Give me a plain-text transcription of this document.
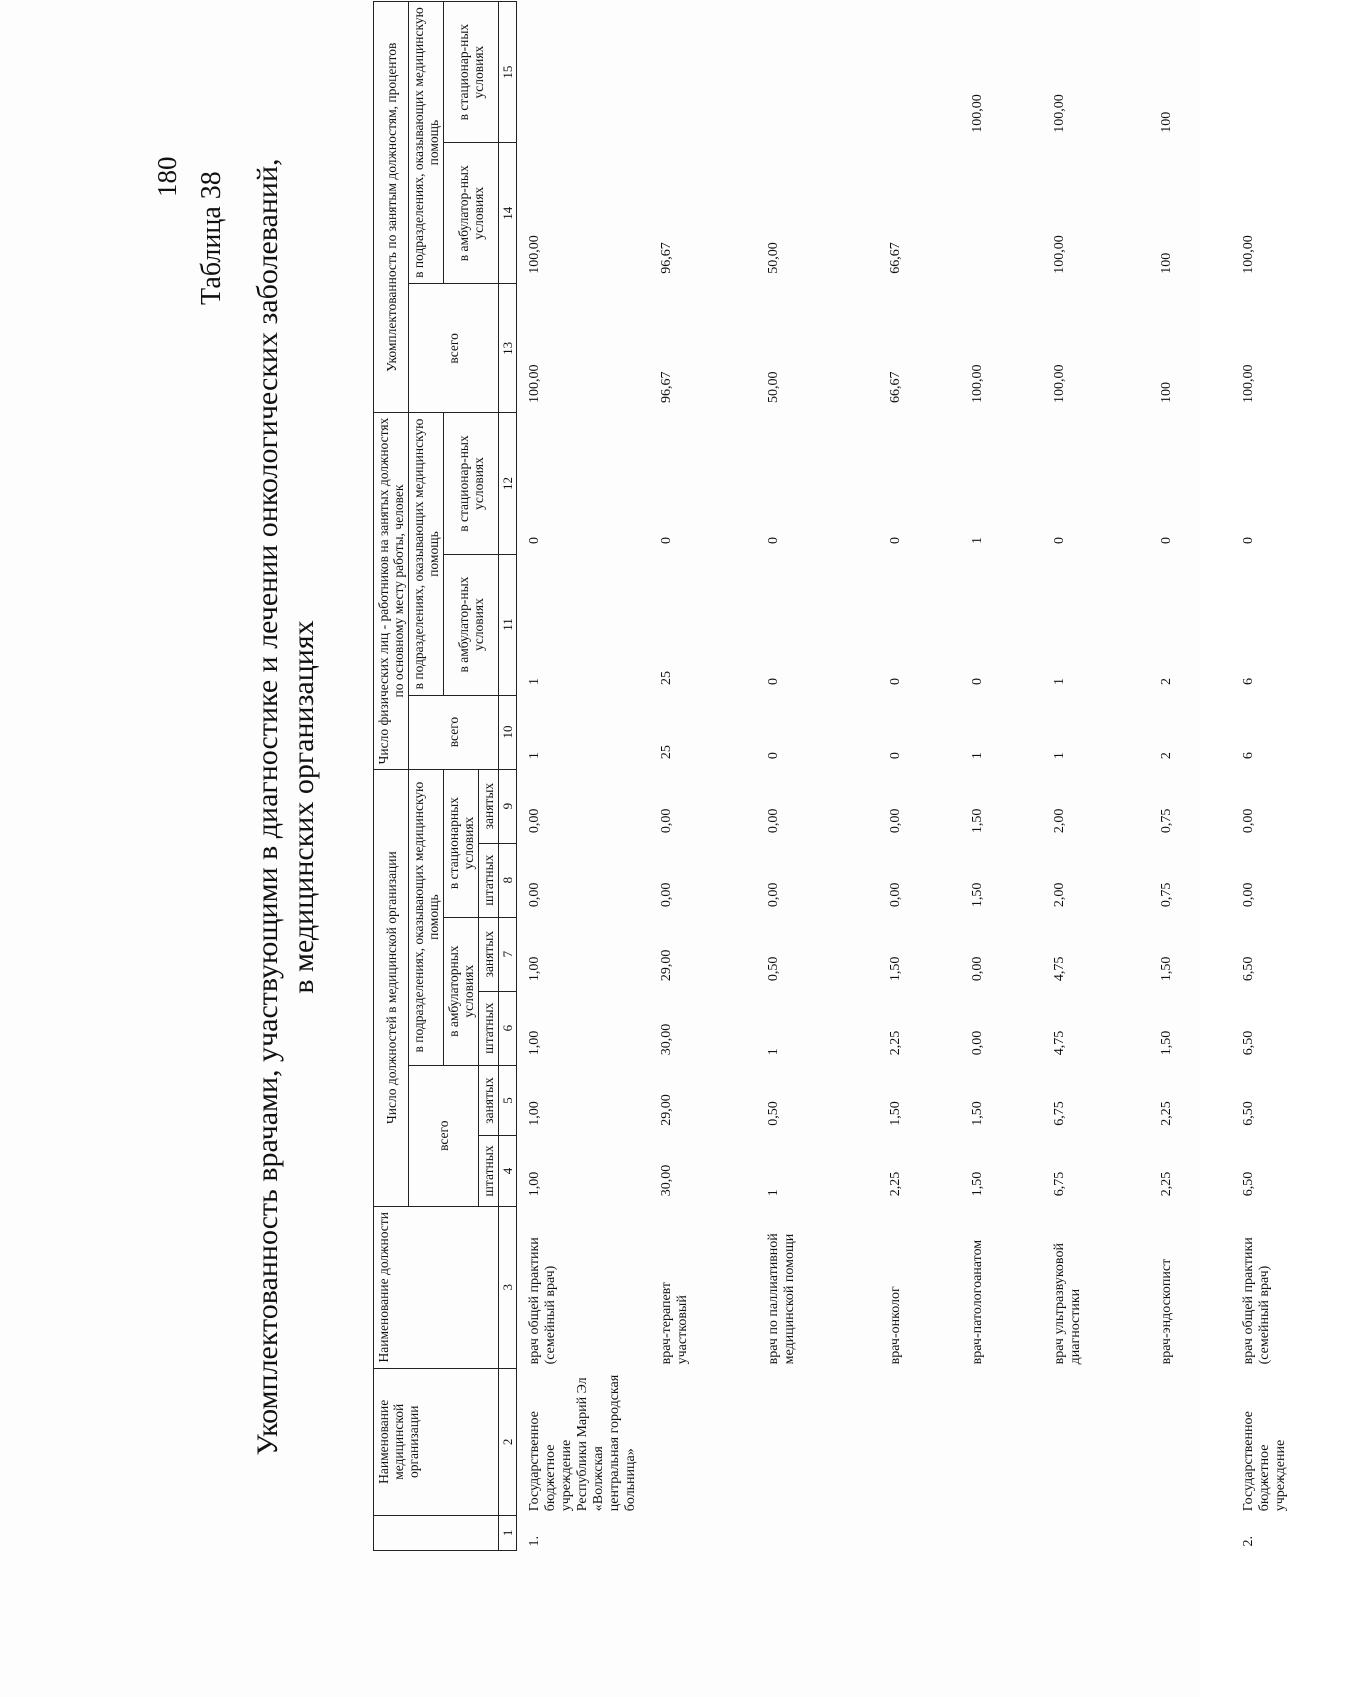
180 Таблица 38 Укомплектованность врачами, участвующими в диагностике и лечении онкологических заболеваний, в медицинских организациях
	Наименование медицинской организации	Наименование должности	Число должностей в медицинской организации						Число физических лиц - работников на занятых должностях по основному месту работы, человек			Укомплектованность по занятым должностям, процентов		
			всего		в подразделениях, оказывающих медицинскую помощь				всего	в подразделениях, оказывающих медицинскую помощь		всего	в подразделениях, оказывающих медицинскую помощь	
					в амбулаторных условиях		в стационарных условиях			в амбулатор-ных условиях	в стационар-ных условиях		в амбулатор-ных условиях	в стационар-ных условиях
			штатных	занятых	штатных	занятых	штатных	занятых						
1	2	3	4	5	6	7	8	9	10	11	12	13	14	15
1.	Государственное бюджетное учреждение Республики Марий Эл «Волжская центральная городская больница»	врач общей практики (семейный врач)	1,00	1,00	1,00	1,00	0,00	0,00	1	1	0	100,00	100,00	
		врач-терапевт участковый	30,00	29,00	30,00	29,00	0,00	0,00	25	25	0	96,67	96,67	
		врач по паллиативной медицинской помощи	1	0,50	1	0,50	0,00	0,00	0	0	0	50,00	50,00	
		врач-онколог	2,25	1,50	2,25	1,50	0,00	0,00	0	0	0	66,67	66,67	
		врач-патологоанатом	1,50	1,50	0,00	0,00	1,50	1,50	1	0	1	100,00		100,00
		врач ультразвуковой диагностики	6,75	6,75	4,75	4,75	2,00	2,00	1	1	0	100,00	100,00	100,00
		врач-эндоскопист	2,25	2,25	1,50	1,50	0,75	0,75	2	2	0	100	100	100
2.	Государственное бюджетное учреждение	врач общей практики (семейный врач)	6,50	6,50	6,50	6,50	0,00	0,00	6	6	0	100,00	100,00	
